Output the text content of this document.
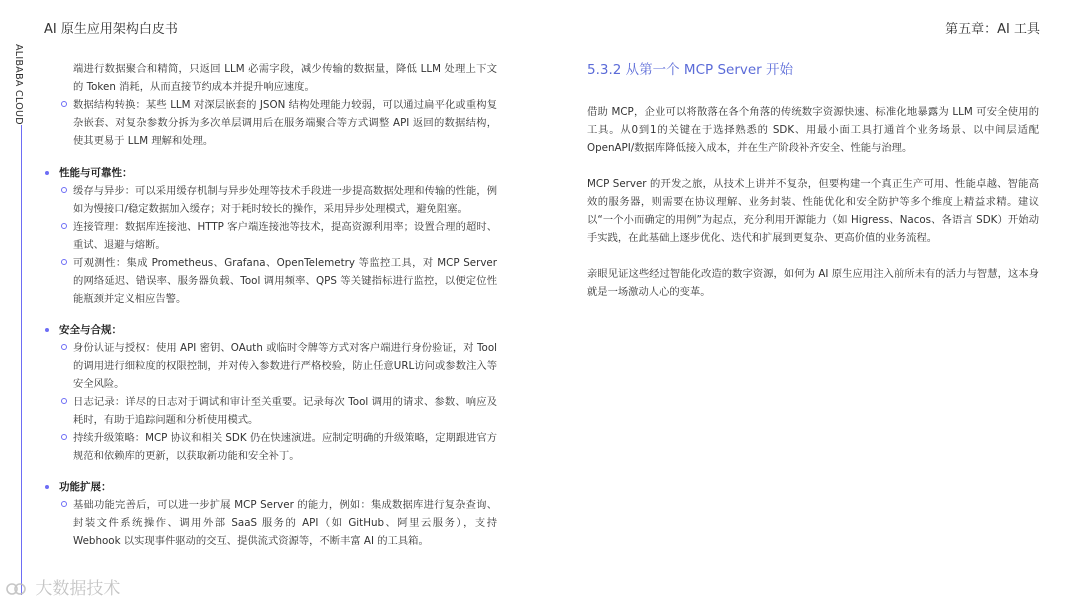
AI 原生应用架构白皮书	第五章：AI 工具
ALIBABA CLOUD	端进行数据聚合和精简，只返回 LLM 必需字段，减少传输的数据量，降低 LLM 处理上下文的 Token 消耗，从而直接节约成本并提升响应速度。
数据结构转换：某些 LLM 对深层嵌套的 JSON 结构处理能力较弱，可以通过扁平化或重构复杂嵌套、对复杂参数分拆为多次单层调用后在服务端聚合等方式调整 API 返回的数据结构，使其更易于 LLM 理解和处理。
性能与可靠性：
缓存与异步：可以采用缓存机制与异步处理等技术手段进一步提高数据处理和传输的性能，例如为慢接口/稳定数据加入缓存；对于耗时较长的操作，采用异步处理模式，避免阻塞。
连接管理：数据库连接池、HTTP 客户端连接池等技术，提高资源利用率；设置合理的超时、重试、退避与熔断。
可观测性：集成 Prometheus、Grafana、OpenTelemetry 等监控工具，对 MCP Server 的网络延迟、错误率、服务器负载、Tool 调用频率、QPS 等关键指标进行监控，以便定位性能瓶颈并定义相应告警。
安全与合规：
身份认证与授权：使用 API 密钥、OAuth 或临时令牌等方式对客户端进行身份验证，对 Tool 的调用进行细粒度的权限控制，并对传入参数进行严格校验，防止任意URL访问或参数注入等安全风险。
日志记录：详尽的日志对于调试和审计至关重要。记录每次 Tool 调用的请求、参数、响应及耗时，有助于追踪问题和分析使用模式。
持续升级策略：MCP 协议和相关 SDK 仍在快速演进。应制定明确的升级策略，定期跟进官方规范和依赖库的更新，以获取新功能和安全补丁。
功能扩展：
基础功能完善后，可以进一步扩展 MCP Server 的能力，例如：集成数据库进行复杂查询、封装文件系统操作、调用外部 SaaS 服务的 API（如 GitHub、阿里云服务），支持 Webhook 以实现事件驱动的交互、提供流式资源等，不断丰富 AI 的工具箱。
5.3.2 从第一个 MCP Server 开始
借助 MCP，企业可以将散落在各个角落的传统数字资源快速、标准化地暴露为 LLM 可安全使用的工具。从0到1的关键在于选择熟悉的 SDK、用最小面工具打通首个业务场景、以中间层适配 OpenAPI/数据库降低接入成本，并在生产阶段补齐安全、性能与治理。
MCP Server 的开发之旅，从技术上讲并不复杂，但要构建一个真正生产可用、性能卓越、智能高效的服务器，则需要在协议理解、业务封装、性能优化和安全防护等多个维度上精益求精。建议以“一个小而确定的用例”为起点，充分利用开源能力（如 Higress、Nacos、各语言 SDK）开始动手实践，在此基础上逐步优化、迭代和扩展到更复杂、更高价值的业务流程。
亲眼见证这些经过智能化改造的数字资源，如何为 AI 原生应用注入前所未有的活力与智慧，这本身就是一场激动人心的变革。
大数据技术
